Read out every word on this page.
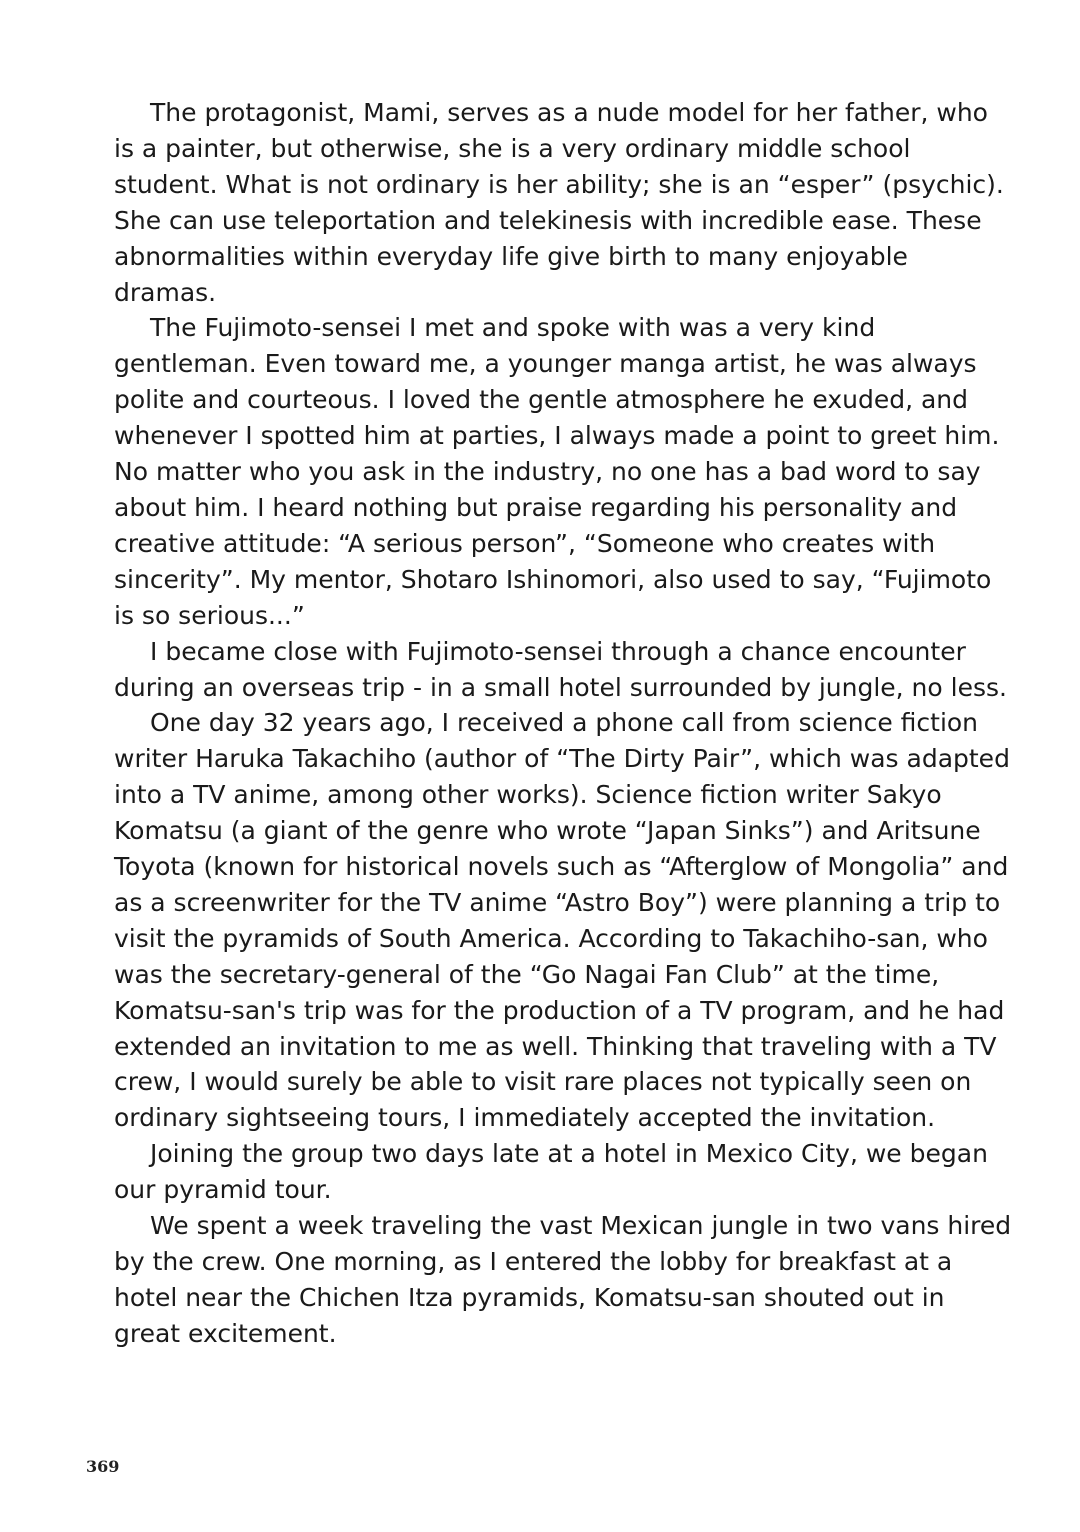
The protagonist, Mami, serves as a nude model for her father, who is a painter, but otherwise, she is a very ordinary middle school student. What is not ordinary is her ability; she is an “esper” (psychic). She can use teleportation and telekinesis with incredible ease. These abnormalities within everyday life give birth to many enjoyable dramas.

The Fujimoto-sensei I met and spoke with was a very kind gentleman. Even toward me, a younger manga artist, he was always polite and courteous. I loved the gentle atmosphere he exuded, and whenever I spotted him at parties, I always made a point to greet him. No matter who you ask in the industry, no one has a bad word to say about him. I heard nothing but praise regarding his personality and creative attitude: “A serious person”, “Someone who creates with sincerity”. My mentor, Shotaro Ishinomori, also used to say, “Fujimoto is so serious...”

I became close with Fujimoto-sensei through a chance encounter during an overseas trip - in a small hotel surrounded by jungle, no less.

One day 32 years ago, I received a phone call from science fiction writer Haruka Takachiho (author of “The Dirty Pair”, which was adapted into a TV anime, among other works). Science fiction writer Sakyo Komatsu (a giant of the genre who wrote “Japan Sinks”) and Aritsune Toyota (known for historical novels such as “Afterglow of Mongolia” and as a screenwriter for the TV anime “Astro Boy”) were planning a trip to visit the pyramids of South America. According to Takachiho-san, who was the secretary-general of the “Go Nagai Fan Club” at the time, Komatsu-san's trip was for the production of a TV program, and he had extended an invitation to me as well. Thinking that traveling with a TV crew, I would surely be able to visit rare places not typically seen on ordinary sightseeing tours, I immediately accepted the invitation.

Joining the group two days late at a hotel in Mexico City, we began our pyramid tour.

We spent a week traveling the vast Mexican jungle in two vans hired by the crew. One morning, as I entered the lobby for breakfast at a hotel near the Chichen Itza pyramids, Komatsu-san shouted out in great excitement.

369
